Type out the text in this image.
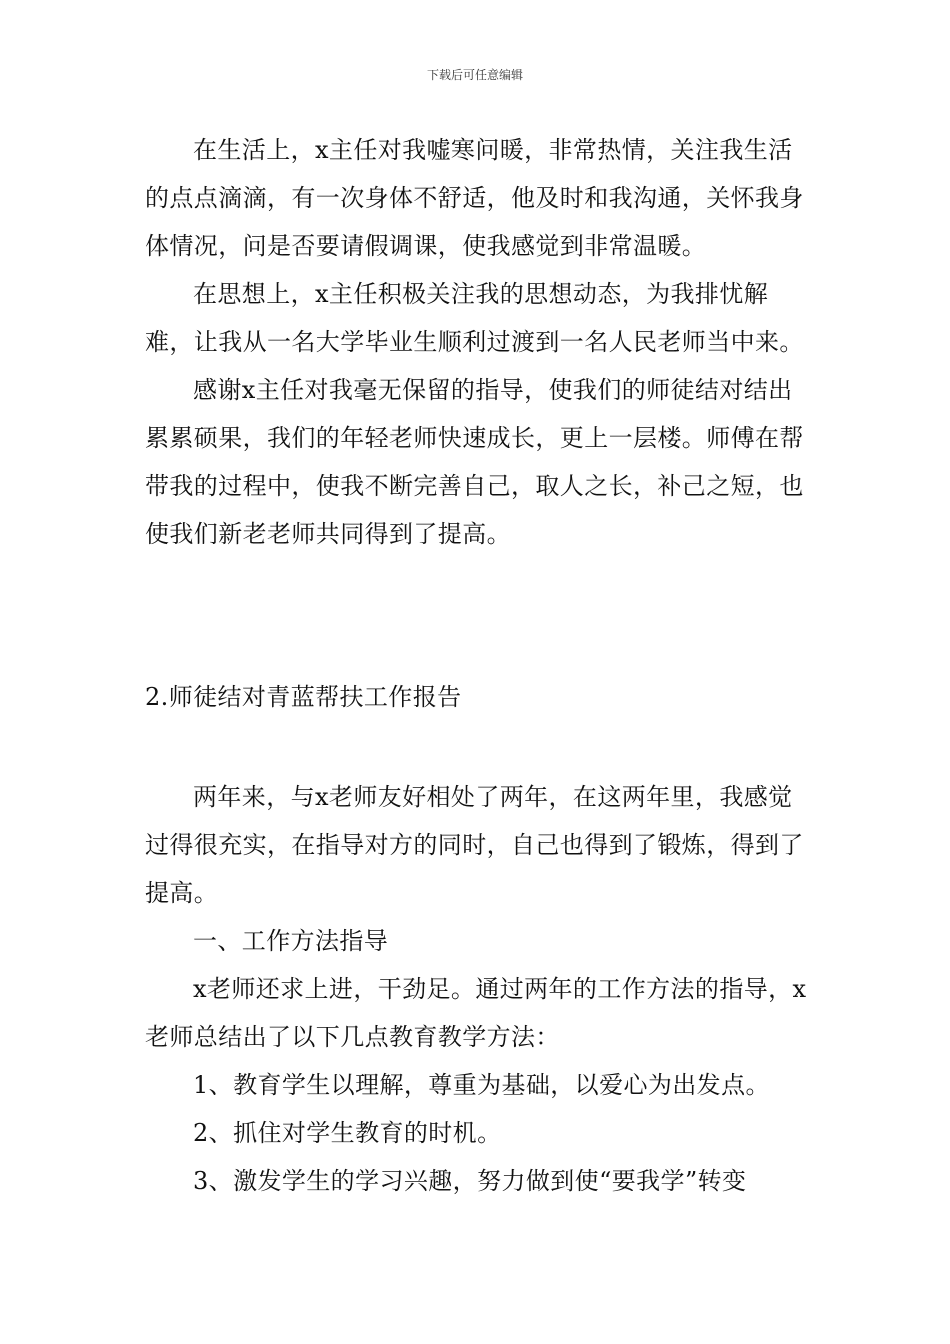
下载后可任意编辑

在生活上，x主任对我嘘寒问暖，非常热情，关注我生活的点点滴滴，有一次身体不舒适，他及时和我沟通，关怀我身体情况，问是否要请假调课，使我感觉到非常温暖。

在思想上，x主任积极关注我的思想动态，为我排忧解难，让我从一名大学毕业生顺利过渡到一名人民老师当中来。

感谢x主任对我毫无保留的指导，使我们的师徒结对结出累累硕果，我们的年轻老师快速成长，更上一层楼。师傅在帮带我的过程中，使我不断完善自己，取人之长，补己之短，也使我们新老老师共同得到了提高。

2.师徒结对青蓝帮扶工作报告

两年来，与x老师友好相处了两年，在这两年里，我感觉过得很充实，在指导对方的同时，自己也得到了锻炼，得到了提高。

一、工作方法指导

x老师还求上进，干劲足。通过两年的工作方法的指导，x老师总结出了以下几点教育教学方法：

1、教育学生以理解，尊重为基础，以爱心为出发点。

2、抓住对学生教育的时机。

3、激发学生的学习兴趣，努力做到使“要我学”转变
